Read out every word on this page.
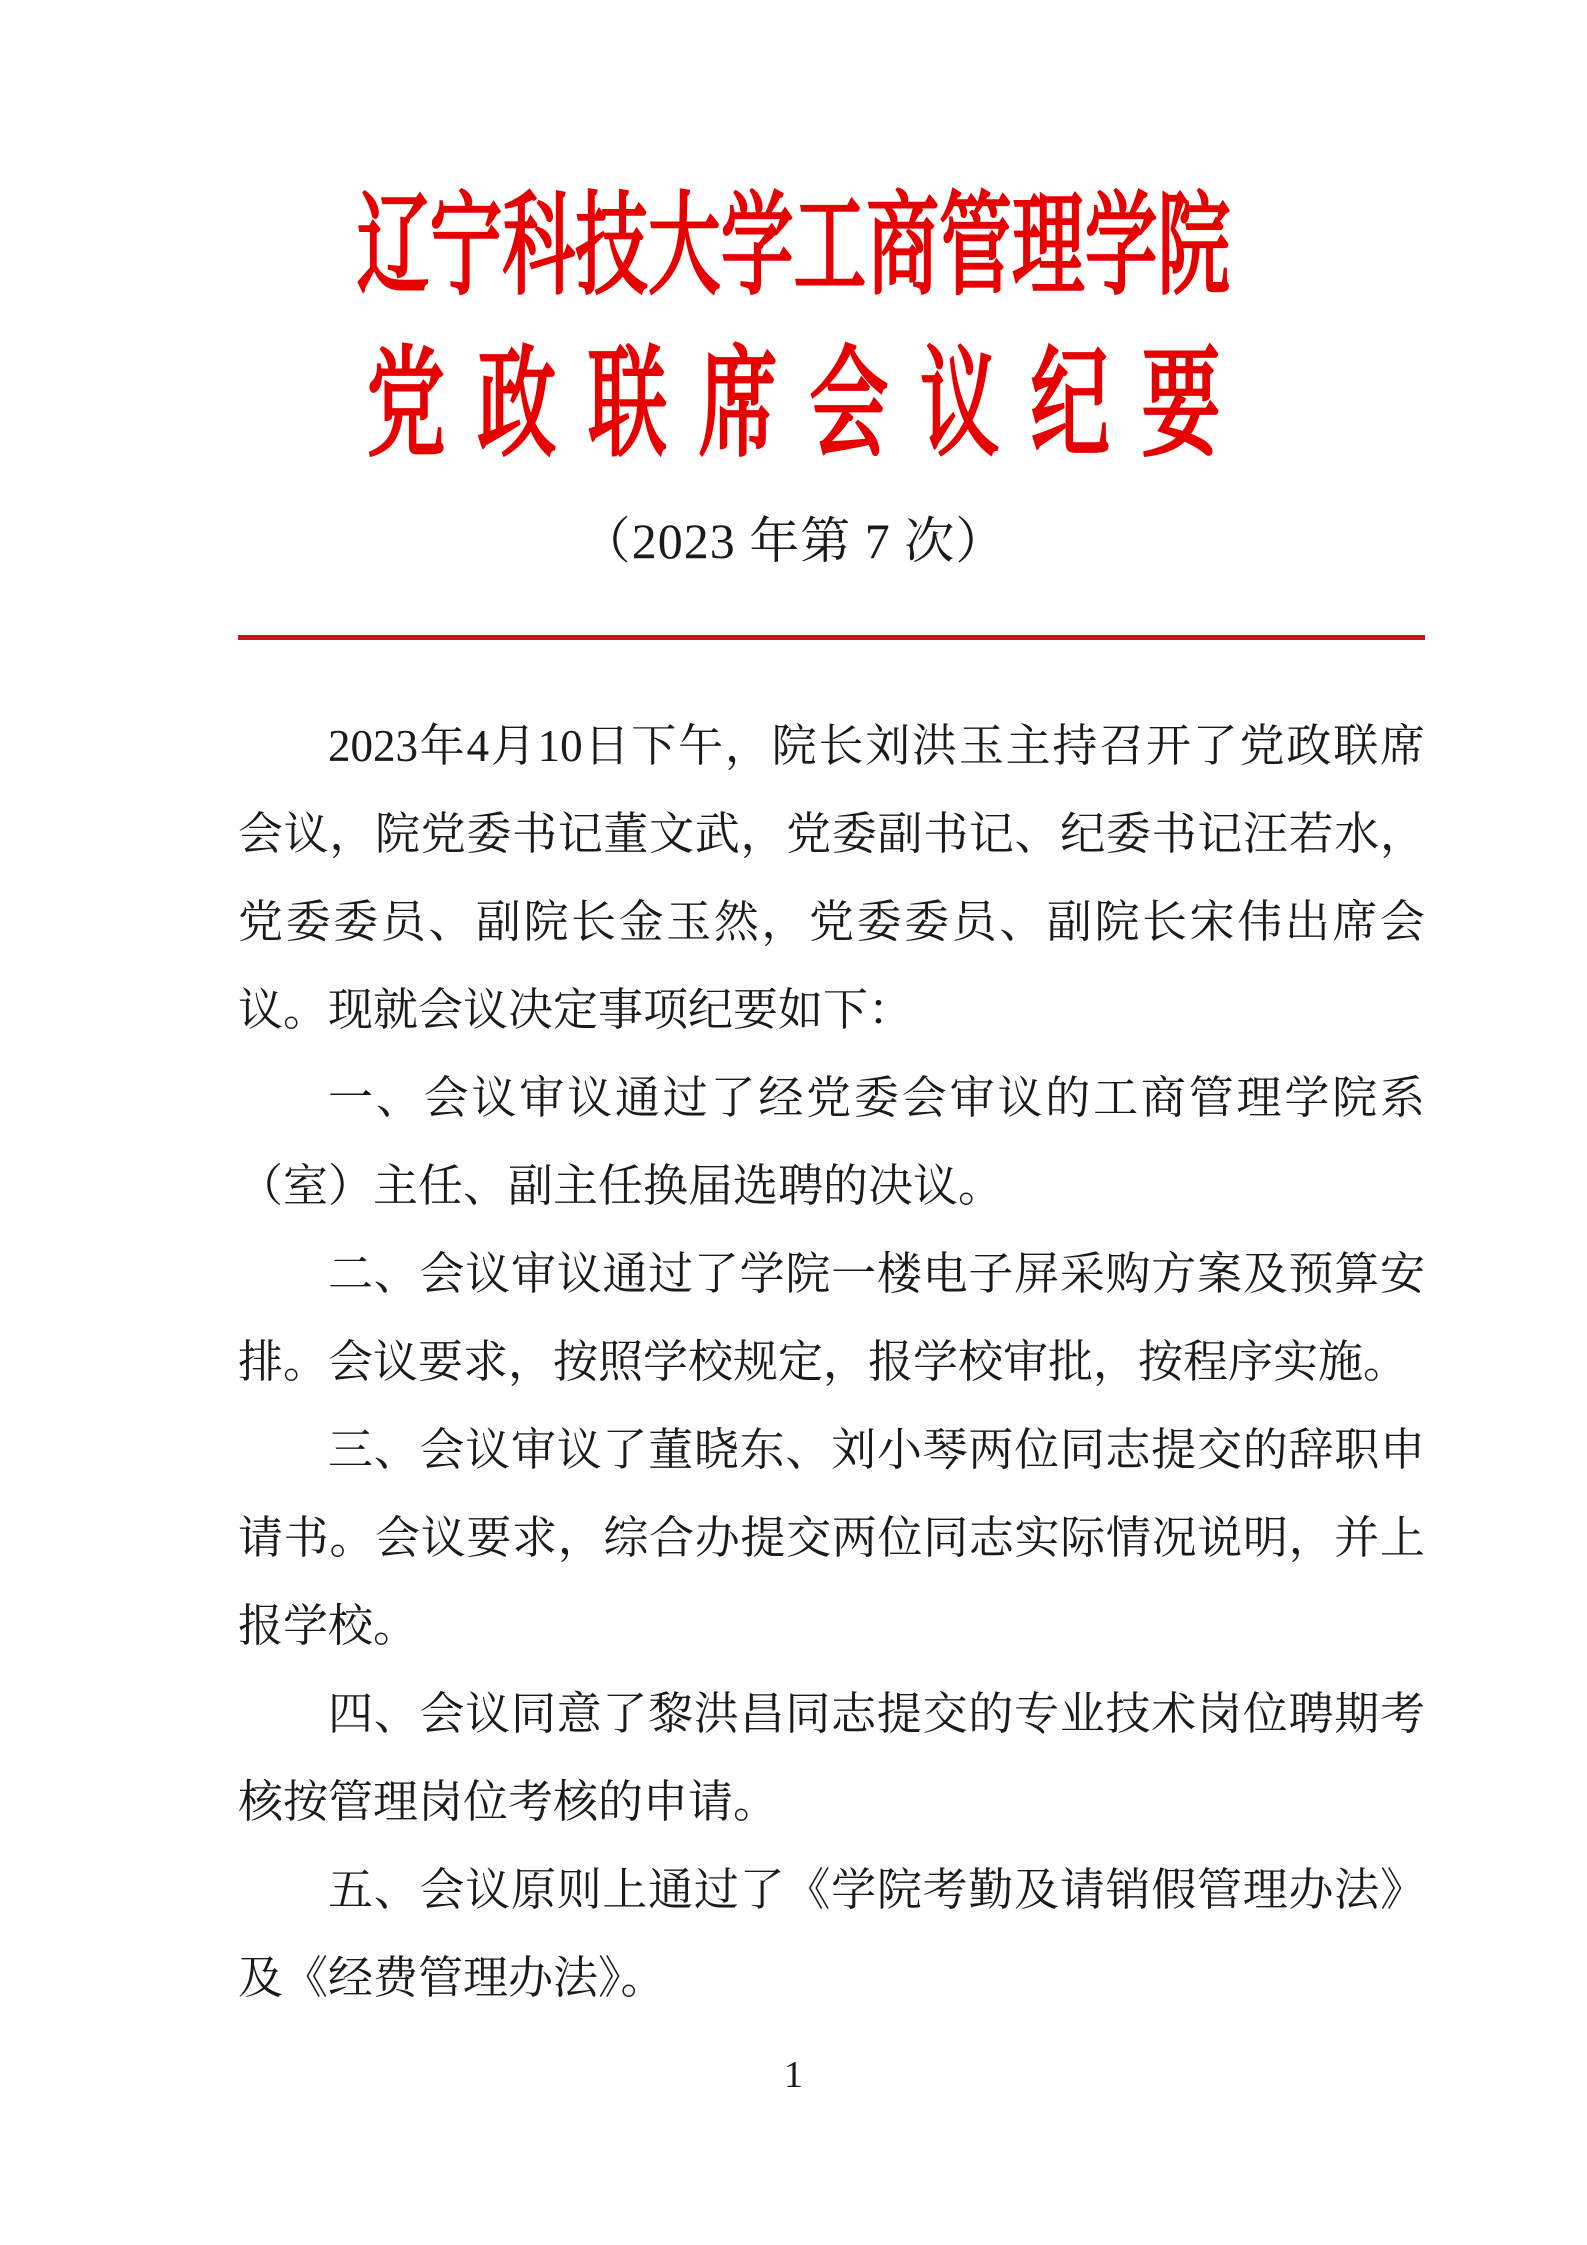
辽宁科技大学工商管理学院
党 政 联 席 会 议 纪 要
（2023 年第 7 次）

2023年4月10日下午，院长刘洪玉主持召开了党政联席会议，院党委书记董文武，党委副书记、纪委书记汪若水，党委委员、副院长金玉然，党委委员、副院长宋伟出席会议。现就会议决定事项纪要如下：

一、会议审议通过了经党委会审议的工商管理学院系（室）主任、副主任换届选聘的决议。

二、会议审议通过了学院一楼电子屏采购方案及预算安排。会议要求，按照学校规定，报学校审批，按程序实施。

三、会议审议了董晓东、刘小琴两位同志提交的辞职申请书。会议要求，综合办提交两位同志实际情况说明，并上报学校。

四、会议同意了黎洪昌同志提交的专业技术岗位聘期考核按管理岗位考核的申请。

五、会议原则上通过了《学院考勤及请销假管理办法》及《经费管理办法》。

1
